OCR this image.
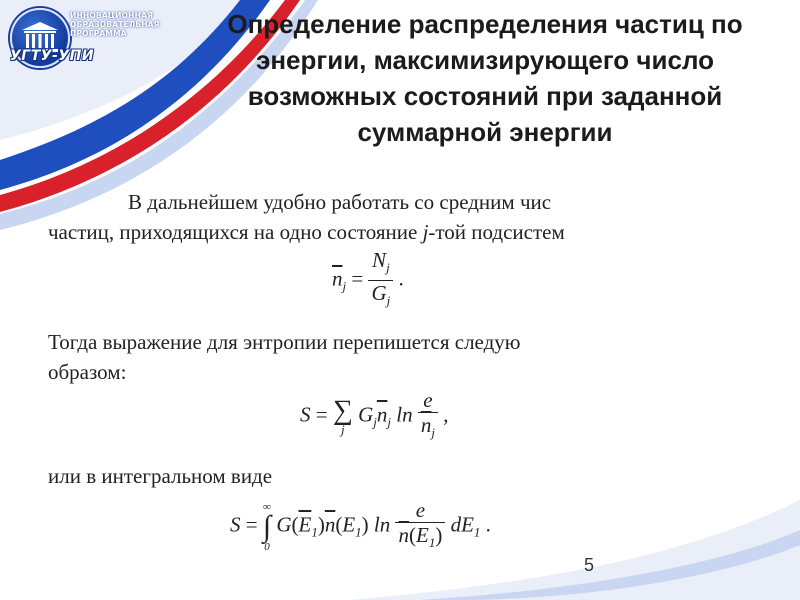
ИННОВАЦИОННАЯ
ОБРАЗОВАТЕЛЬНАЯ
ПРОГРАММА
УГТУ-УПИ
Определение распределения частиц по
энергии, максимизирующего число
возможных состояний при заданной
суммарной энергии
В дальнейшем удобно работать со средним чис
частиц, приходящихся на одно состояние j-той подсистем
$\overline{n}_j = \frac{N_j}{G_j}$ .
Тогда выражение для энтропии перепишется следую
образом:
S = ∑
j
$G_j\overline{n}_j$ $\ln \frac{e}{\overline{n}_j}$ ,
или в интегральном виде
S =
∞
∫
0
$G(\overline{E}_1)\overline{n}(E_1)$ $\ln \frac{e}{\overline{n}(E_1)} dE_1$ .
5
